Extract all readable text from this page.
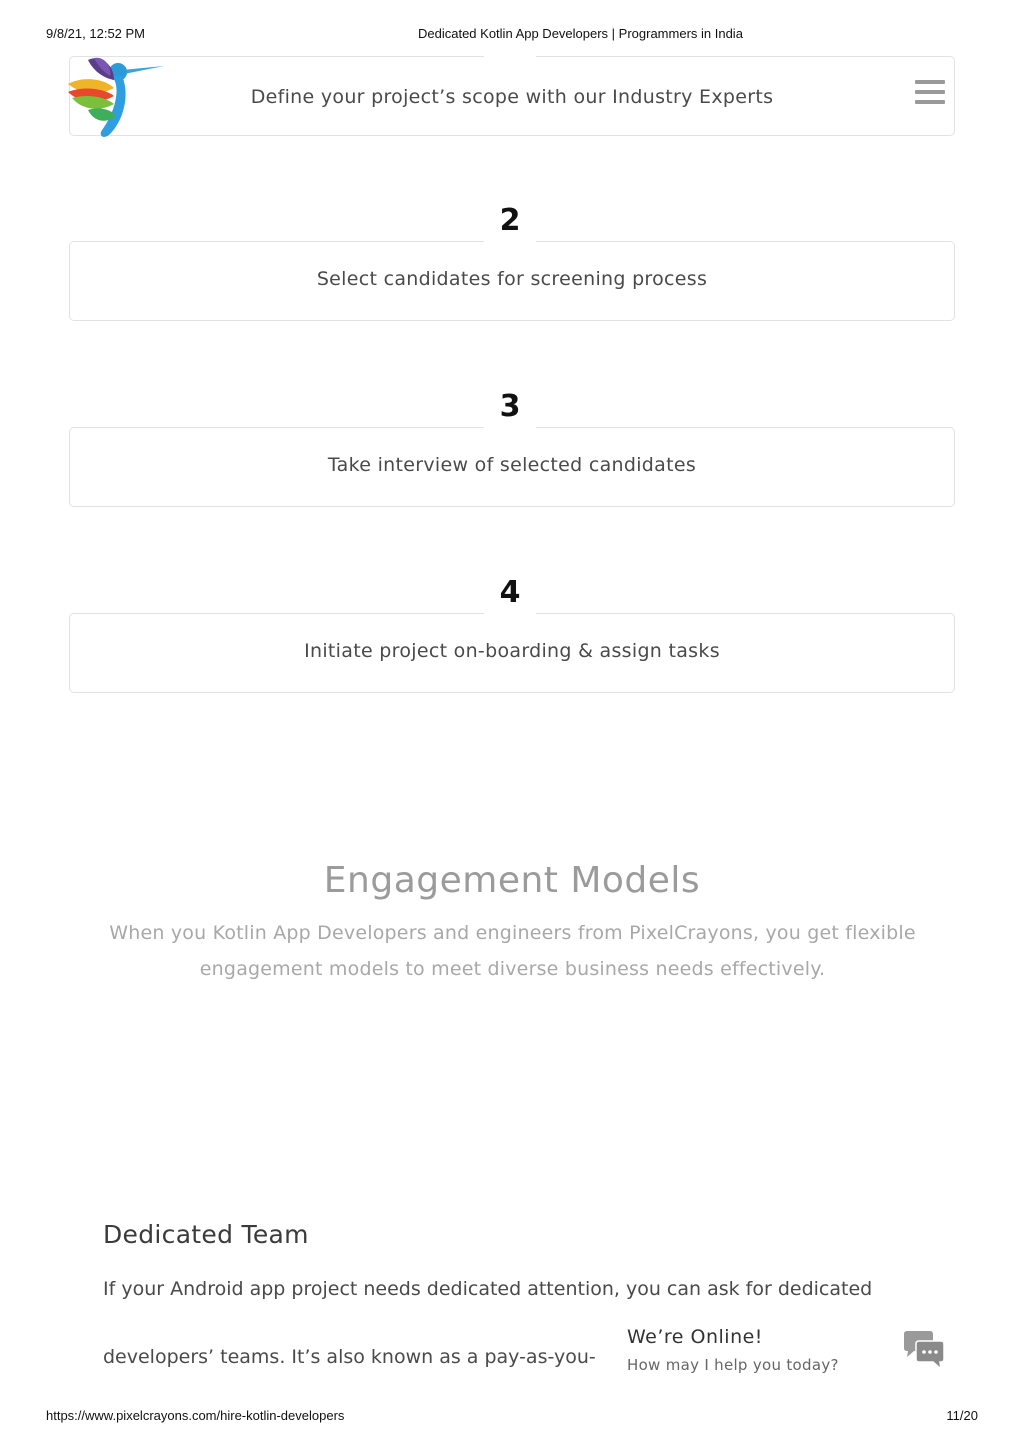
9/8/21, 12:52 PM	Dedicated Kotlin App Developers | Programmers in India
Define your project’s scope with our Industry Experts
Select candidates for screening process
2
Take interview of selected candidates
3
Initiate project on-boarding & assign tasks
4
Engagement Models
When you Kotlin App Developers and engineers from PixelCrayons, you get flexible engagement models to meet diverse business needs effectively.
Dedicated Team
If your Android app project needs dedicated attention, you can ask for dedicated
developers’ teams. It’s also known as a pay-as-you-
We’re Online!
How may I help you today?
https://www.pixelcrayons.com/hire-kotlin-developers	11/20
